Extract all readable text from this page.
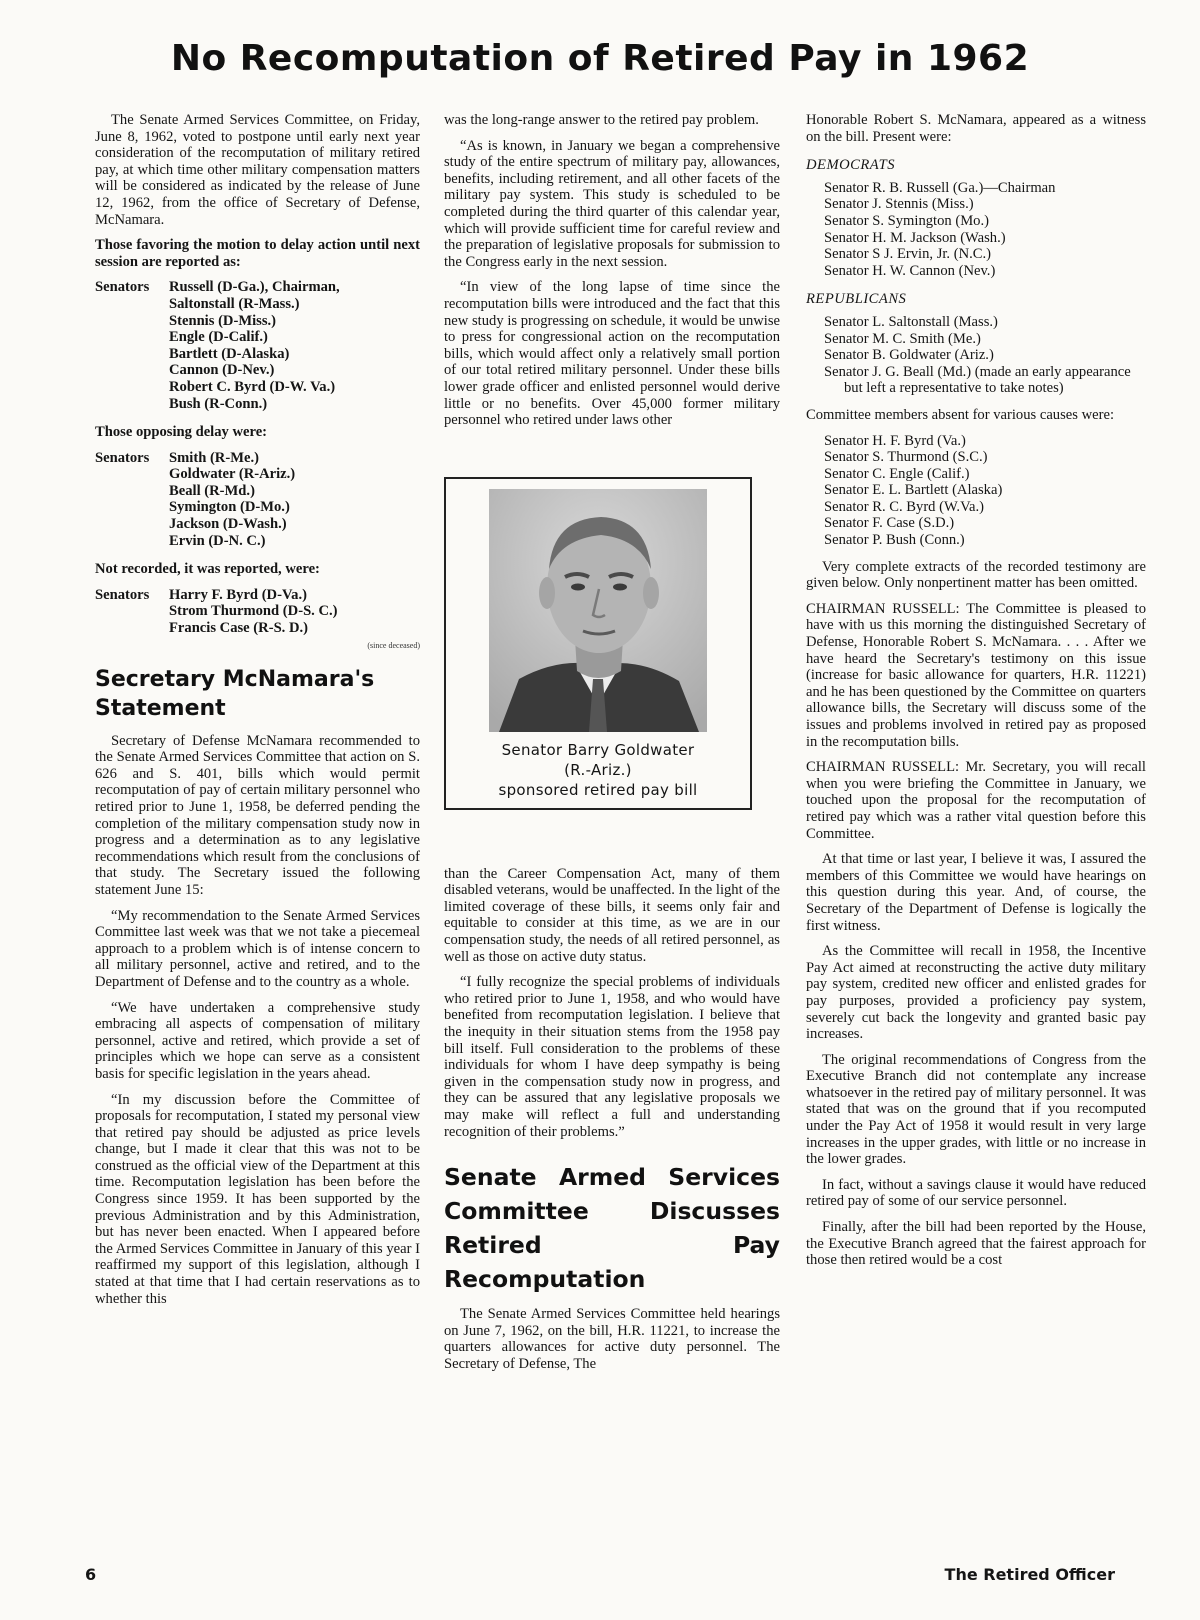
No Recomputation of Retired Pay in 1962

The Senate Armed Services Committee, on Friday, June 8, 1962, voted to postpone until early next year consideration of the recomputation of military retired pay, at which time other military compensation matters will be considered as indicated by the release of June 12, 1962, from the office of Secretary of Defense, McNamara.

Those favoring the motion to delay action until next session are reported as:

Senators	Russell (D-Ga.), Chairman,
Saltonstall (R-Mass.)
Stennis (D-Miss.)
Engle (D-Calif.)
Bartlett (D-Alaska)
Cannon (D-Nev.)
Robert C. Byrd (D-W. Va.)
Bush (R-Conn.)

Those opposing delay were:

Senators	Smith (R-Me.)
Goldwater (R-Ariz.)
Beall (R-Md.)
Symington (D-Mo.)
Jackson (D-Wash.)
Ervin (D-N. C.)

Not recorded, it was reported, were:

Senators	Harry F. Byrd (D-Va.)
Strom Thurmond (D-S. C.)
Francis Case (R-S. D.)
(since deceased)
Secretary McNamara's Statement

Secretary of Defense McNamara recommended to the Senate Armed Services Committee that action on S. 626 and S. 401, bills which would permit recomputation of pay of certain military personnel who retired prior to June 1, 1958, be deferred pending the completion of the military compensation study now in progress and a determination as to any legislative recommendations which result from the conclusions of that study. The Secretary issued the following statement June 15:

“My recommendation to the Senate Armed Services Committee last week was that we not take a piecemeal approach to a problem which is of intense concern to all military personnel, active and retired, and to the Department of Defense and to the country as a whole.

“We have undertaken a comprehensive study embracing all aspects of compensation of military personnel, active and retired, which provide a set of principles which we hope can serve as a consistent basis for specific legislation in the years ahead.

“In my discussion before the Committee of proposals for recomputation, I stated my personal view that retired pay should be adjusted as price levels change, but I made it clear that this was not to be construed as the official view of the Department at this time. Recomputation legislation has been before the Congress since 1959. It has been supported by the previous Administration and by this Administration, but has never been enacted. When I appeared before the Armed Services Committee in January of this year I reaffirmed my support of this legislation, although I stated at that time that I had certain reservations as to whether this

was the long-range answer to the retired pay problem.

“As is known, in January we began a comprehensive study of the entire spectrum of military pay, allowances, benefits, including retirement, and all other facets of the military pay system. This study is scheduled to be completed during the third quarter of this calendar year, which will provide sufficient time for careful review and the preparation of legislative proposals for submission to the Congress early in the next session.

“In view of the long lapse of time since the recomputation bills were introduced and the fact that this new study is progressing on schedule, it would be unwise to press for congressional action on the recomputation bills, which would affect only a relatively small portion of our total retired military personnel. Under these bills lower grade officer and enlisted personnel would derive little or no benefits. Over 45,000 former military personnel who retired under laws other

Senator Barry Goldwater
(R.-Ariz.)
sponsored retired pay bill

than the Career Compensation Act, many of them disabled veterans, would be unaffected. In the light of the limited coverage of these bills, it seems only fair and equitable to consider at this time, as we are in our compensation study, the needs of all retired personnel, as well as those on active duty status.

“I fully recognize the special problems of individuals who retired prior to June 1, 1958, and who would have benefited from recomputation legislation. I believe that the inequity in their situation stems from the 1958 pay bill itself. Full consideration to the problems of these individuals for whom I have deep sympathy is being given in the compensation study now in progress, and they can be assured that any legislative proposals we may make will reflect a full and understanding recognition of their problems.”

Senate Armed Services Committee Discusses Retired Pay Recomputation

The Senate Armed Services Committee held hearings on June 7, 1962, on the bill, H.R. 11221, to increase the quarters allowances for active duty personnel. The Secretary of Defense, The

Honorable Robert S. McNamara, appeared as a witness on the bill. Present were:

DEMOCRATS
Senator R. B. Russell (Ga.)—Chairman
Senator J. Stennis (Miss.)
Senator S. Symington (Mo.)
Senator H. M. Jackson (Wash.)
Senator S J. Ervin, Jr. (N.C.)
Senator H. W. Cannon (Nev.)
REPUBLICANS
Senator L. Saltonstall (Mass.)
Senator M. C. Smith (Me.)
Senator B. Goldwater (Ariz.)
Senator J. G. Beall (Md.) (made an early appearance but left a representative to take notes)

Committee members absent for various causes were:

Senator H. F. Byrd (Va.)
Senator S. Thurmond (S.C.)
Senator C. Engle (Calif.)
Senator E. L. Bartlett (Alaska)
Senator R. C. Byrd (W.Va.)
Senator F. Case (S.D.)
Senator P. Bush (Conn.)

Very complete extracts of the recorded testimony are given below. Only nonpertinent matter has been omitted.

CHAIRMAN RUSSELL: The Committee is pleased to have with us this morning the distinguished Secretary of Defense, Honorable Robert S. McNamara. . . . After we have heard the Secretary's testimony on this issue (increase for basic allowance for quarters, H.R. 11221) and he has been questioned by the Committee on quarters allowance bills, the Secretary will discuss some of the issues and problems involved in retired pay as proposed in the recomputation bills.

CHAIRMAN RUSSELL: Mr. Secretary, you will recall when you were briefing the Committee in January, we touched upon the proposal for the recomputation of retired pay which was a rather vital question before this Committee.

At that time or last year, I believe it was, I assured the members of this Committee we would have hearings on this question during this year. And, of course, the Secretary of the Department of Defense is logically the first witness.

As the Committee will recall in 1958, the Incentive Pay Act aimed at reconstructing the active duty military pay system, credited new officer and enlisted grades for pay purposes, provided a proficiency pay system, severely cut back the longevity and granted basic pay increases.

The original recommendations of Congress from the Executive Branch did not contemplate any increase whatsoever in the retired pay of military personnel. It was stated that was on the ground that if you recomputed under the Pay Act of 1958 it would result in very large increases in the upper grades, with little or no increase in the lower grades.

In fact, without a savings clause it would have reduced retired pay of some of our service personnel.

Finally, after the bill had been reported by the House, the Executive Branch agreed that the fairest approach for those then retired would be a cost

6	The Retired Officer
